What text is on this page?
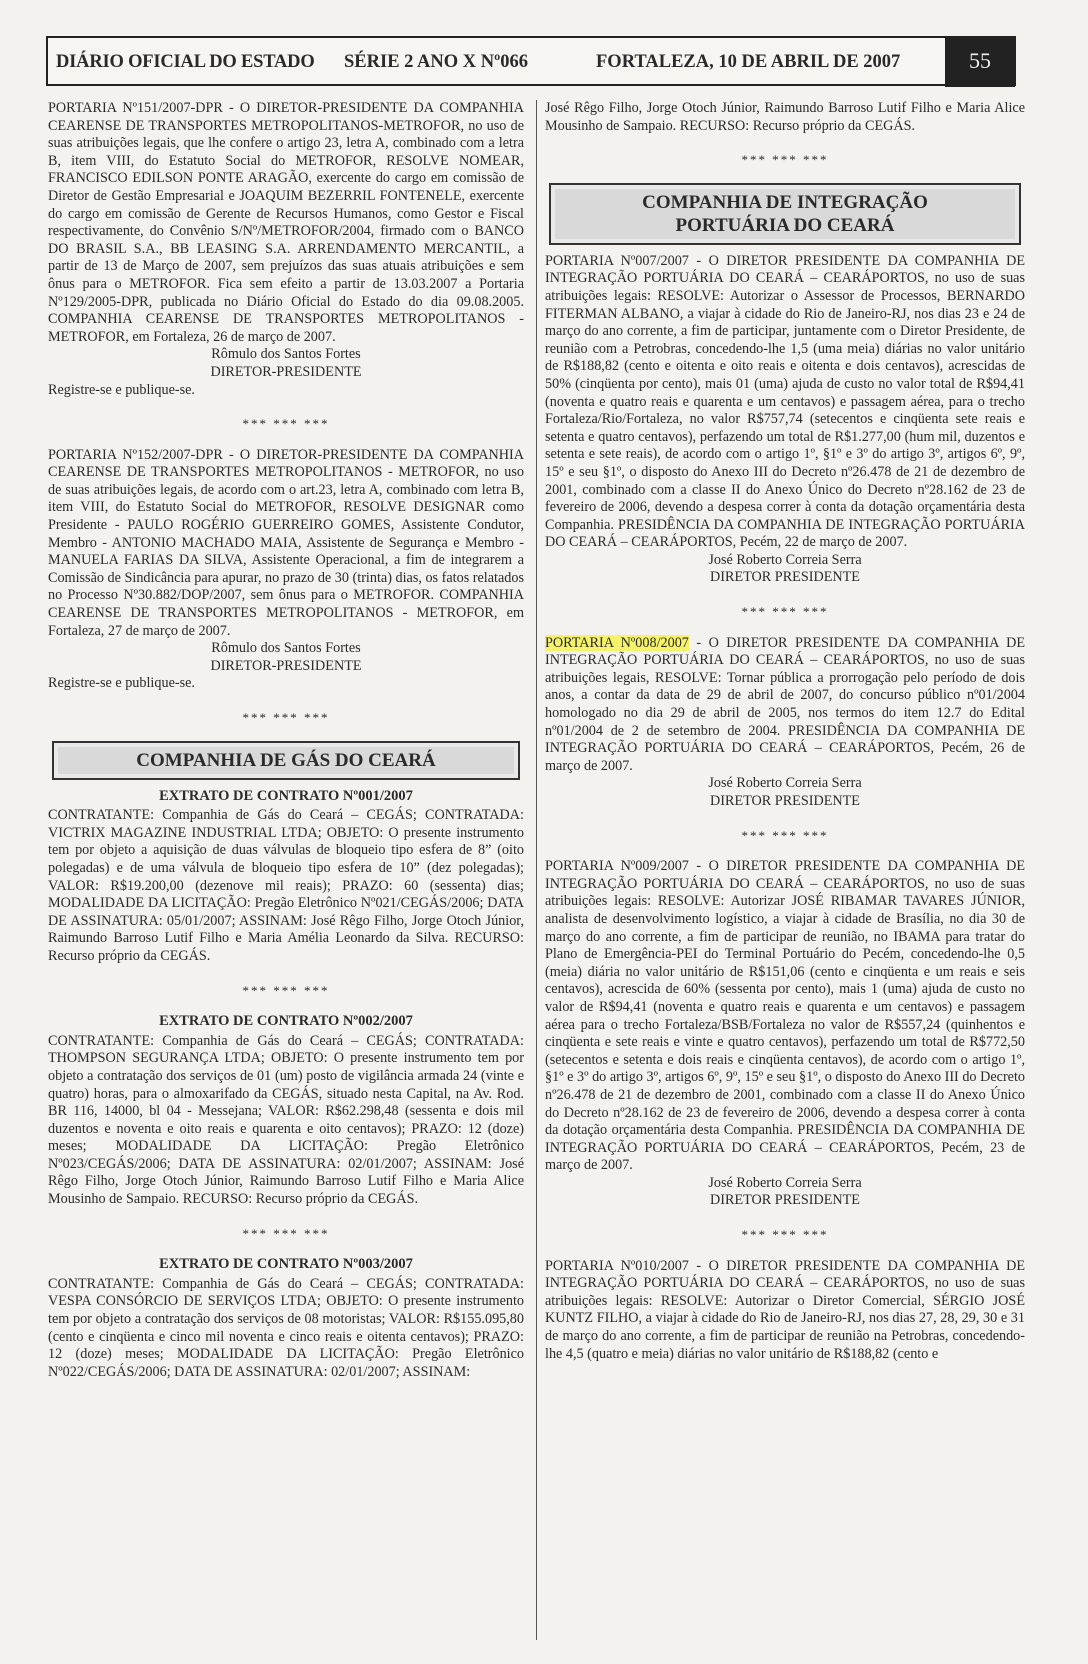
DIÁRIO OFICIAL DO ESTADO SÉRIE 2 ANO X Nº066	FORTALEZA, 10 DE ABRIL DE 2007	55

PORTARIA Nº151/2007-DPR - O DIRETOR-PRESIDENTE DA COMPANHIA CEARENSE DE TRANSPORTES METROPOLITANOS-METROFOR, no uso de suas atribuições legais, que lhe confere o artigo 23, letra A, combinado com a letra B, item VIII, do Estatuto Social do METROFOR, RESOLVE NOMEAR, FRANCISCO EDILSON PONTE ARAGÃO, exercente do cargo em comissão de Diretor de Gestão Empresarial e JOAQUIM BEZERRIL FONTENELE, exercente do cargo em comissão de Gerente de Recursos Humanos, como Gestor e Fiscal respectivamente, do Convênio S/Nº/METROFOR/2004, firmado com o BANCO DO BRASIL S.A., BB LEASING S.A. ARRENDAMENTO MERCANTIL, a partir de 13 de Março de 2007, sem prejuízos das suas atuais atribuições e sem ônus para o METROFOR. Fica sem efeito a partir de 13.03.2007 a Portaria Nº129/2005-DPR, publicada no Diário Oficial do Estado do dia 09.08.2005. COMPANHIA CEARENSE DE TRANSPORTES METROPOLITANOS - METROFOR, em Fortaleza, 26 de março de 2007.

Rômulo dos Santos Fortes

DIRETOR-PRESIDENTE

Registre-se e publique-se.

*** *** ***

PORTARIA Nº152/2007-DPR - O DIRETOR-PRESIDENTE DA COMPANHIA CEARENSE DE TRANSPORTES METROPOLITANOS - METROFOR, no uso de suas atribuições legais, de acordo com o art.23, letra A, combinado com letra B, item VIII, do Estatuto Social do METROFOR, RESOLVE DESIGNAR como Presidente - PAULO ROGÉRIO GUERREIRO GOMES, Assistente Condutor, Membro - ANTONIO MACHADO MAIA, Assistente de Segurança e Membro - MANUELA FARIAS DA SILVA, Assistente Operacional, a fim de integrarem a Comissão de Sindicância para apurar, no prazo de 30 (trinta) dias, os fatos relatados no Processo Nº30.882/DOP/2007, sem ônus para o METROFOR. COMPANHIA CEARENSE DE TRANSPORTES METROPOLITANOS - METROFOR, em Fortaleza, 27 de março de 2007.

Rômulo dos Santos Fortes

DIRETOR-PRESIDENTE

Registre-se e publique-se.

*** *** ***
COMPANHIA DE GÁS DO CEARÁ
EXTRATO DE CONTRATO Nº001/2007

CONTRATANTE: Companhia de Gás do Ceará – CEGÁS; CONTRATADA: VICTRIX MAGAZINE INDUSTRIAL LTDA; OBJETO: O presente instrumento tem por objeto a aquisição de duas válvulas de bloqueio tipo esfera de 8” (oito polegadas) e de uma válvula de bloqueio tipo esfera de 10” (dez polegadas); VALOR: R$19.200,00 (dezenove mil reais); PRAZO: 60 (sessenta) dias; MODALIDADE DA LICITAÇÃO: Pregão Eletrônico Nº021/CEGÁS/2006; DATA DE ASSINATURA: 05/01/2007; ASSINAM: José Rêgo Filho, Jorge Otoch Júnior, Raimundo Barroso Lutif Filho e Maria Amélia Leonardo da Silva. RECURSO: Recurso próprio da CEGÁS.

*** *** ***
EXTRATO DE CONTRATO Nº002/2007

CONTRATANTE: Companhia de Gás do Ceará – CEGÁS; CONTRATADA: THOMPSON SEGURANÇA LTDA; OBJETO: O presente instrumento tem por objeto a contratação dos serviços de 01 (um) posto de vigilância armada 24 (vinte e quatro) horas, para o almoxarifado da CEGÁS, situado nesta Capital, na Av. Rod. BR 116, 14000, bl 04 - Messejana; VALOR: R$62.298,48 (sessenta e dois mil duzentos e noventa e oito reais e quarenta e oito centavos); PRAZO: 12 (doze) meses; MODALIDADE DA LICITAÇÃO: Pregão Eletrônico Nº023/CEGÁS/2006; DATA DE ASSINATURA: 02/01/2007; ASSINAM: José Rêgo Filho, Jorge Otoch Júnior, Raimundo Barroso Lutif Filho e Maria Alice Mousinho de Sampaio. RECURSO: Recurso próprio da CEGÁS.

*** *** ***
EXTRATO DE CONTRATO Nº003/2007

CONTRATANTE: Companhia de Gás do Ceará – CEGÁS; CONTRATADA: VESPA CONSÓRCIO DE SERVIÇOS LTDA; OBJETO: O presente instrumento tem por objeto a contratação dos serviços de 08 motoristas; VALOR: R$155.095,80 (cento e cinqüenta e cinco mil noventa e cinco reais e oitenta centavos); PRAZO: 12 (doze) meses; MODALIDADE DA LICITAÇÃO: Pregão Eletrônico Nº022/CEGÁS/2006; DATA DE ASSINATURA: 02/01/2007; ASSINAM:

José Rêgo Filho, Jorge Otoch Júnior, Raimundo Barroso Lutif Filho e Maria Alice Mousinho de Sampaio. RECURSO: Recurso próprio da CEGÁS.

*** *** ***
COMPANHIA DE INTEGRAÇÃO
PORTUÁRIA DO CEARÁ

PORTARIA Nº007/2007 - O DIRETOR PRESIDENTE DA COMPANHIA DE INTEGRAÇÃO PORTUÁRIA DO CEARÁ – CEARÁPORTOS, no uso de suas atribuições legais: RESOLVE: Autorizar o Assessor de Processos, BERNARDO FITERMAN ALBANO, a viajar à cidade do Rio de Janeiro-RJ, nos dias 23 e 24 de março do ano corrente, a fim de participar, juntamente com o Diretor Presidente, de reunião com a Petrobras, concedendo-lhe 1,5 (uma meia) diárias no valor unitário de R$188,82 (cento e oitenta e oito reais e oitenta e dois centavos), acrescidas de 50% (cinqüenta por cento), mais 01 (uma) ajuda de custo no valor total de R$94,41 (noventa e quatro reais e quarenta e um centavos) e passagem aérea, para o trecho Fortaleza/Rio/Fortaleza, no valor R$757,74 (setecentos e cinqüenta sete reais e setenta e quatro centavos), perfazendo um total de R$1.277,00 (hum mil, duzentos e setenta e sete reais), de acordo com o artigo 1º, §1º e 3º do artigo 3º, artigos 6º, 9º, 15º e seu §1º, o disposto do Anexo III do Decreto nº26.478 de 21 de dezembro de 2001, combinado com a classe II do Anexo Único do Decreto nº28.162 de 23 de fevereiro de 2006, devendo a despesa correr à conta da dotação orçamentária desta Companhia. PRESIDÊNCIA DA COMPANHIA DE INTEGRAÇÃO PORTUÁRIA DO CEARÁ – CEARÁPORTOS, Pecém, 22 de março de 2007.

José Roberto Correia Serra

DIRETOR PRESIDENTE

*** *** ***

PORTARIA Nº008/2007 - O DIRETOR PRESIDENTE DA COMPANHIA DE INTEGRAÇÃO PORTUÁRIA DO CEARÁ – CEARÁPORTOS, no uso de suas atribuições legais, RESOLVE: Tornar pública a prorrogação pelo período de dois anos, a contar da data de 29 de abril de 2007, do concurso público nº01/2004 homologado no dia 29 de abril de 2005, nos termos do item 12.7 do Edital nº01/2004 de 2 de setembro de 2004. PRESIDÊNCIA DA COMPANHIA DE INTEGRAÇÃO PORTUÁRIA DO CEARÁ – CEARÁPORTOS, Pecém, 26 de março de 2007.

José Roberto Correia Serra

DIRETOR PRESIDENTE

*** *** ***

PORTARIA Nº009/2007 - O DIRETOR PRESIDENTE DA COMPANHIA DE INTEGRAÇÃO PORTUÁRIA DO CEARÁ – CEARÁPORTOS, no uso de suas atribuições legais: RESOLVE: Autorizar JOSÉ RIBAMAR TAVARES JÚNIOR, analista de desenvolvimento logístico, a viajar à cidade de Brasília, no dia 30 de março do ano corrente, a fim de participar de reunião, no IBAMA para tratar do Plano de Emergência-PEI do Terminal Portuário do Pecém, concedendo-lhe 0,5 (meia) diária no valor unitário de R$151,06 (cento e cinqüenta e um reais e seis centavos), acrescida de 60% (sessenta por cento), mais 1 (uma) ajuda de custo no valor de R$94,41 (noventa e quatro reais e quarenta e um centavos) e passagem aérea para o trecho Fortaleza/BSB/Fortaleza no valor de R$557,24 (quinhentos e cinqüenta e sete reais e vinte e quatro centavos), perfazendo um total de R$772,50 (setecentos e setenta e dois reais e cinqüenta centavos), de acordo com o artigo 1º, §1º e 3º do artigo 3º, artigos 6º, 9º, 15º e seu §1º, o disposto do Anexo III do Decreto nº26.478 de 21 de dezembro de 2001, combinado com a classe II do Anexo Único do Decreto nº28.162 de 23 de fevereiro de 2006, devendo a despesa correr à conta da dotação orçamentária desta Companhia. PRESIDÊNCIA DA COMPANHIA DE INTEGRAÇÃO PORTUÁRIA DO CEARÁ – CEARÁPORTOS, Pecém, 23 de março de 2007.

José Roberto Correia Serra

DIRETOR PRESIDENTE

*** *** ***

PORTARIA Nº010/2007 - O DIRETOR PRESIDENTE DA COMPANHIA DE INTEGRAÇÃO PORTUÁRIA DO CEARÁ – CEARÁPORTOS, no uso de suas atribuições legais: RESOLVE: Autorizar o Diretor Comercial, SÉRGIO JOSÉ KUNTZ FILHO, a viajar à cidade do Rio de Janeiro-RJ, nos dias 27, 28, 29, 30 e 31 de março do ano corrente, a fim de participar de reunião na Petrobras, concedendo-lhe 4,5 (quatro e meia) diárias no valor unitário de R$188,82 (cento e
